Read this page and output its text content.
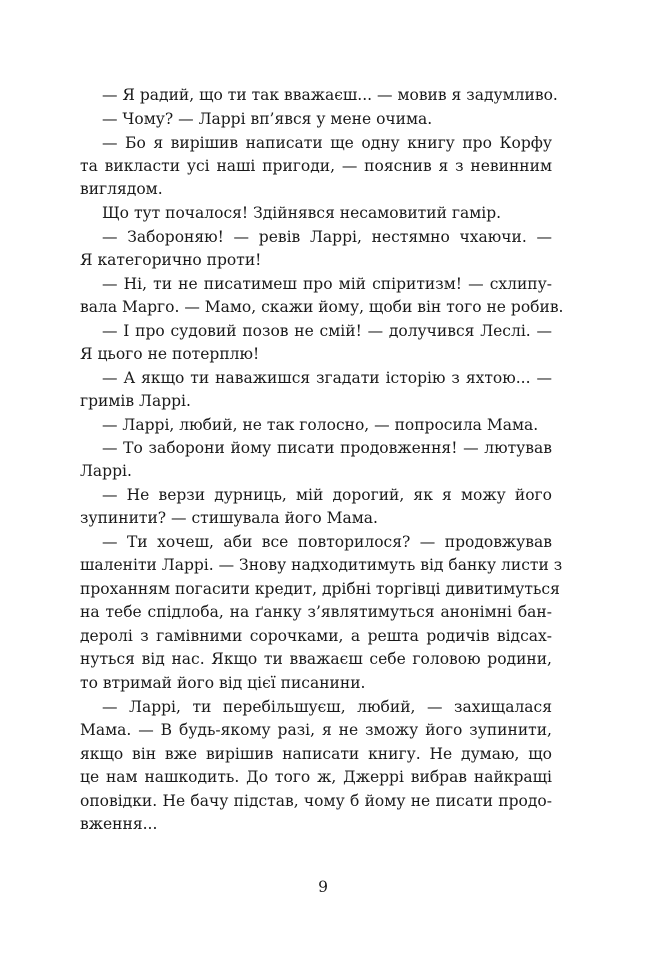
— Я радий, що ти так вважаєш... — мовив я задумливо.
— Чому? — Ларрі вп’явся у мене очима.
— Бо я вирішив написати ще одну книгу про Корфу
та викласти усі наші пригоди, — пояснив я з невинним
виглядом.
Що тут почалося! Здійнявся несамовитий гамір.
— Забороняю! — ревів Ларрі, нестямно чхаючи. —
Я категорично проти!
— Ні, ти не писатимеш про мій спіритизм! — схлипу-
вала Марго. — Мамо, скажи йому, щоби він того не робив.
— І про судовий позов не смій! — долучився Леслі. —
Я цього не потерплю!
— А якщо ти наважишся згадати історію з яхтою... —
гримів Ларрі.
— Ларрі, любий, не так голосно, — попросила Мама.
— То заборони йому писати продовження! — лютував
Ларрі.
— Не верзи дурниць, мій дорогий, як я можу його
зупинити? — стишувала його Мама.
— Ти хочеш, аби все повторилося? — продовжував
шаленіти Ларрі. — Знову надходитимуть від банку листи з
проханням погасити кредит, дрібні торгівці дивитимуться
на тебе спідлоба, на ґанку з’являтимуться анонімні бан-
деролі з гамівними сорочками, а решта родичів відсах-
нуться від нас. Якщо ти вважаєш себе головою родини,
то втримай його від цієї писанини.
— Ларрі, ти перебільшуєш, любий, — захищалася
Мама. — В будь-якому разі, я не зможу його зупинити,
якщо він вже вирішив написати книгу. Не думаю, що
це нам нашкодить. До того ж, Джеррі вибрав найкращі
оповідки. Не бачу підстав, чому б йому не писати продо-
вження...
9
